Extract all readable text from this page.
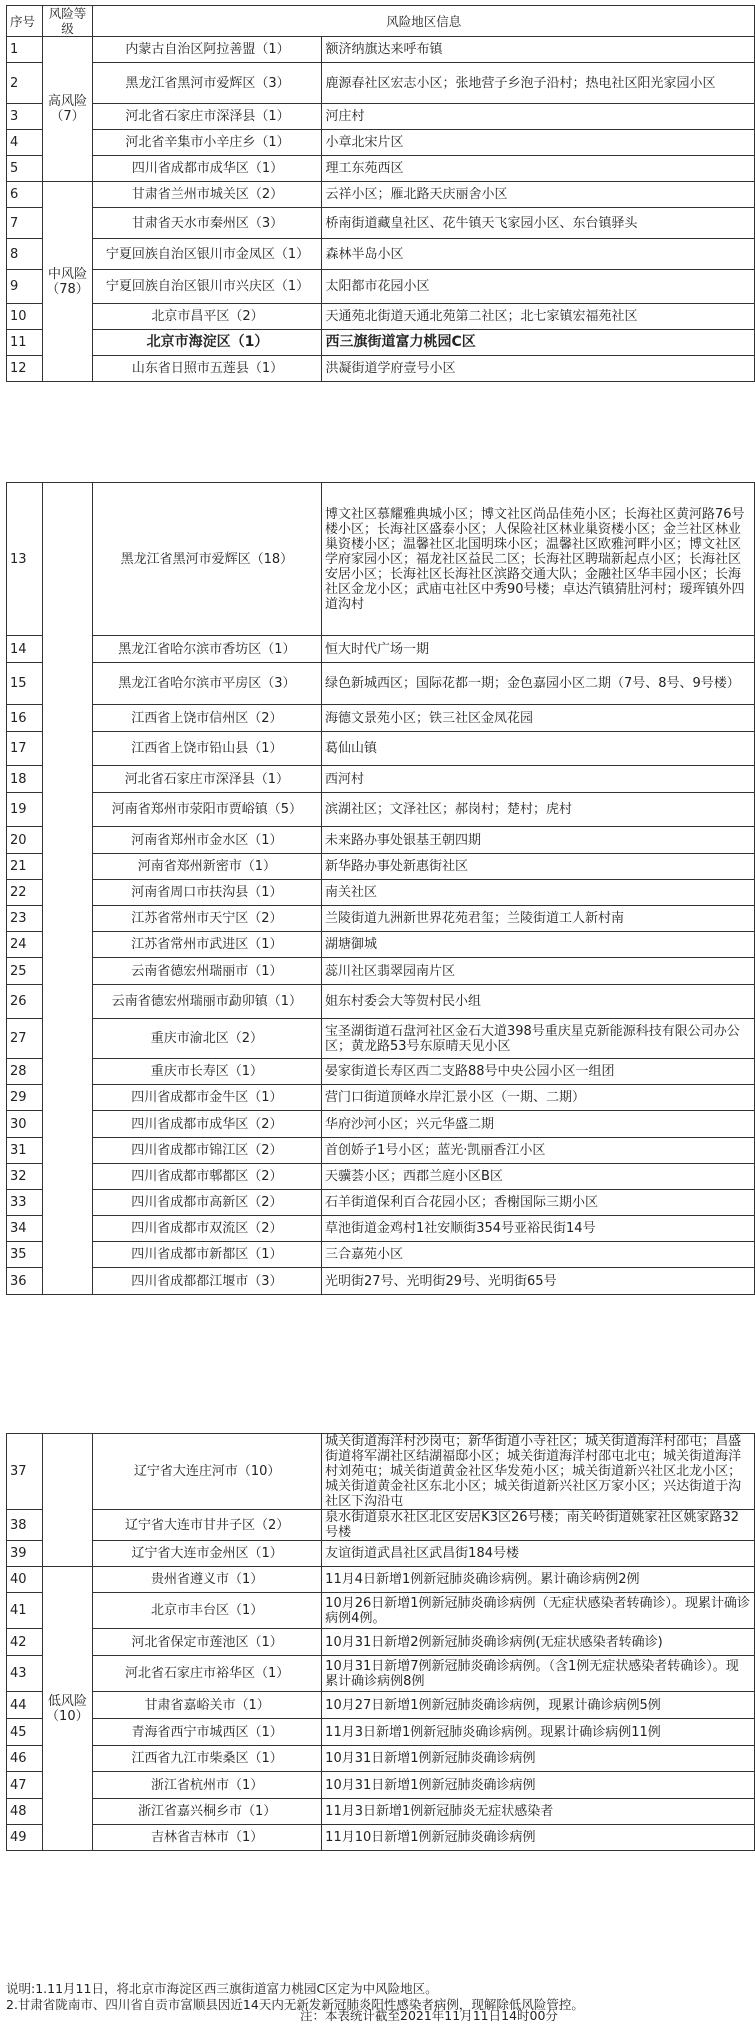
序号	风险等级	风险地区信息	
1	高风险（7）	内蒙古自治区阿拉善盟（1）	额济纳旗达来呼布镇
2		黑龙江省黑河市爱辉区（3）	鹿源春社区宏志小区；张地营子乡泡子沿村；热电社区阳光家园小区
3		河北省石家庄市深泽县（1）	河庄村
4		河北省辛集市小辛庄乡（1）	小章北宋片区
5		四川省成都市成华区（1）	理工东苑西区
6	中风险（78）	甘肃省兰州市城关区（2）	云祥小区；雁北路天庆丽舍小区
7		甘肃省天水市秦州区（3）	桥南街道藏皇社区、花牛镇天飞家园小区、东台镇驿头
8		宁夏回族自治区银川市金凤区（1）	森林半岛小区
9		宁夏回族自治区银川市兴庆区（1）	太阳都市花园小区
10		北京市昌平区（2）	天通苑北街道天通北苑第二社区；北七家镇宏福苑社区
11		北京市海淀区（1）	西三旗街道富力桃园C区
12		山东省日照市五莲县（1）	洪凝街道学府壹号小区
13		黑龙江省黑河市爱辉区（18）	博文社区慕耀雅典城小区；博文社区尚品佳苑小区；长海社区黄河路76号楼小区；长海社区盛泰小区；人保险社区林业巢资楼小区；金兰社区林业巢资楼小区；温馨社区北国明珠小区；温馨社区欧雅河畔小区；博文社区学府家园小区；福龙社区益民二区；长海社区聘瑞新起点小区；长海社区安居小区；长海社区长海社区滨路交通大队；金融社区华丰园小区；长海社区金龙小区；武庙屯社区中秀90号楼；卓达汽镇猜肚河村；瑷珲镇外四道沟村
14		黑龙江省哈尔滨市香坊区（1）	恒大时代广场一期
15		黑龙江省哈尔滨市平房区（3）	绿色新城西区；国际花都一期；金色嘉园小区二期（7号、8号、9号楼）
16		江西省上饶市信州区（2）	海德文景苑小区；铁三社区金凤花园
17		江西省上饶市铅山县（1）	葛仙山镇
18		河北省石家庄市深泽县（1）	西河村
19		河南省郑州市荥阳市贾峪镇（5）	滨湖社区；文泽社区；郝岗村；楚村；虎村
20		河南省郑州市金水区（1）	未来路办事处银基王朝四期
21		河南省郑州新密市（1）	新华路办事处新惠街社区
22		河南省周口市扶沟县（1）	南关社区
23		江苏省常州市天宁区（2）	兰陵街道九洲新世界花苑君玺；兰陵街道工人新村南
24		江苏省常州市武进区（1）	湖塘御城
25		云南省德宏州瑞丽市（1）	蕊川社区翡翠园南片区
26		云南省德宏州瑞丽市勐卯镇（1）	姐东村委会大等贺村民小组
27		重庆市渝北区（2）	宝圣湖街道石盘河社区金石大道398号重庆星克新能源科技有限公司办公区；黄龙路53号东原晴天见小区
28		重庆市长寿区（1）	晏家街道长寿区西二支路88号中央公园小区一组团
29		四川省成都市金牛区（1）	营门口街道顶峰水岸汇景小区（一期、二期）
30		四川省成都市成华区（2）	华府沙河小区；兴元华盛二期
31		四川省成都市锦江区（2）	首创娇子1号小区；蓝光·凯丽香江小区
32		四川省成都市郫都区（2）	天骥荟小区；西郡兰庭小区B区
33		四川省成都市高新区（2）	石羊街道保利百合花园小区；香榭国际三期小区
34		四川省成都市双流区（2）	草池街道金鸡村1社安顺街354号亚裕民街14号
35		四川省成都市新都区（1）	三合嘉苑小区
36		四川省成都都江堰市（3）	光明街27号、光明街29号、光明街65号
37		辽宁省大连庄河市（10）	城关街道海洋村沙岗屯；新华街道小寺社区；城关街道海洋村邵屯；昌盛街道将军湖社区结湖福邸小区；城关街道海洋村邵屯北屯；城关街道海洋村刘苑屯；城关街道黄金社区华发苑小区；城关街道新兴社区北龙小区；城关街道黄金社区东北小区；城关街道新兴社区万家小区；兴达街道于沟社区下沟沿屯
38		辽宁省大连市甘井子区（2）	泉水街道泉水社区北区安居K3区26号楼；南关岭街道姚家社区姚家路32号楼
39		辽宁省大连市金州区（1）	友谊街道武昌社区武昌街184号楼
40	低风险（10）	贵州省遵义市（1）	11月4日新增1例新冠肺炎确诊病例。累计确诊病例2例
41		北京市丰台区（1）	10月26日新增1例新冠肺炎确诊病例（无症状感染者转确诊）。现累计确诊病例4例。
42		河北省保定市莲池区（1）	10月31日新增2例新冠肺炎确诊病例(无症状感染者转确诊)
43		河北省石家庄市裕华区（1）	10月31日新增7例新冠肺炎确诊病例。（含1例无症状感染者转确诊）。现累计确诊病例8例
44		甘肃省嘉峪关市（1）	10月27日新增1例新冠肺炎确诊病例，现累计确诊病例5例
45		青海省西宁市城西区（1）	11月3日新增1例新冠肺炎确诊病例。现累计确诊病例11例
46		江西省九江市柴桑区（1）	10月31日新增1例新冠肺炎确诊病例
47		浙江省杭州市（1）	10月31日新增1例新冠肺炎确诊病例
48		浙江省嘉兴桐乡市（1）	11月3日新增1例新冠肺炎无症状感染者
49		吉林省吉林市（1）	11月10日新增1例新冠肺炎确诊病例
说明:1.11月11日，将北京市海淀区西三旗街道富力桃园C区定为中风险地区。
2.甘肃省陇南市、四川省自贡市富顺县因近14天内无新发新冠肺炎阳性感染者病例，现解除低风险管控。
注：本表统计截至2021年11月11日14时00分
